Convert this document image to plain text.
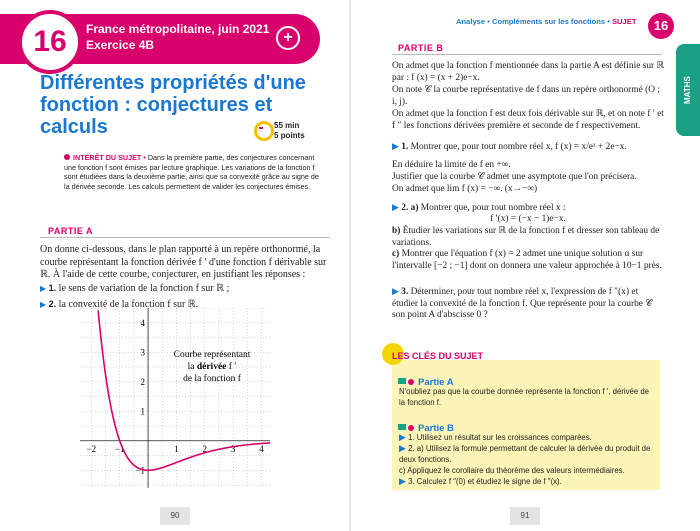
16	France métropolitaine, juin 2021
Exercice 4B	+
Différentes propriétés d'une fonction : conjectures et calculs	55 min
5 points
INTÉRÊT DU SUJET • Dans la première partie, des conjectures concernant une fonction f sont émises par lecture graphique. Les variations de la fonction f sont étudiées dans la deuxième partie, ainsi que sa convexité grâce au signe de la dérivée seconde. Les calculs permettent de valider les conjectures émises.
PARTIE A
On donne ci-dessous, dans le plan rapporté à un repère orthonormé, la courbe représentant la fonction dérivée f ′ d'une fonction f dérivable sur ℝ. À l'aide de cette courbe, conjecturer, en justifiant les réponses :
▶ 1. le sens de variation de la fonction f sur ℝ ;
▶ 2. la convexité de la fonction f sur ℝ.
−2 −1	1	2	3	4
−1
1
2
3
4
Courbe représentant
la dérivée f ′
de la fonction f
90
Analyse • Compléments sur les fonctions • SUJET	16
MATHS
PARTIE B
On admet que la fonction f mentionnée dans la partie A est définie sur ℝ par : f (x) = (x + 2)e−x.
On note 𝒞 la courbe représentative de f dans un repère orthonormé (O ; i, j).
On admet que la fonction f est deux fois dérivable sur ℝ, et on note f ′ et f ″ les fonctions dérivées première et seconde de f respectivement.
▶ 1. Montrer que, pour tout nombre réel x, f (x) = x/eˣ + 2e−x.
En déduire la limite de f en +∞.
Justifier que la courbe 𝒞 admet une asymptote que l'on précisera.
On admet que lim f (x) = −∞. (x→−∞)
▶ 2. a) Montrer que, pour tout nombre réel x :
f ′(x) = (−x − 1)e−x.
b) Étudier les variations sur ℝ de la fonction f et dresser son tableau de variations.
c) Montrer que l'équation f (x) = 2 admet une unique solution α sur l'intervalle [−2 ; −1] dont on donnera une valeur approchée à 10−1 près.
▶ 3. Déterminer, pour tout nombre réel x, l'expression de f ″(x) et étudier la convexité de la fonction f. Que représente pour la courbe 𝒞 son point A d'abscisse 0 ?
LES CLÉS DU SUJET
Partie A
N'oubliez pas que la courbe donnée représente la fonction f ′, dérivée de la fonction f.
Partie B
▶ 1. Utilisez un résultat sur les croissances comparées.
▶ 2. a) Utilisez la formule permettant de calculer la dérivée du produit de deux fonctions.
c) Appliquez le corollaire du théorème des valeurs intermédiaires.
▶ 3. Calculez f ″(0) et étudiez le signe de f ″(x).
91
